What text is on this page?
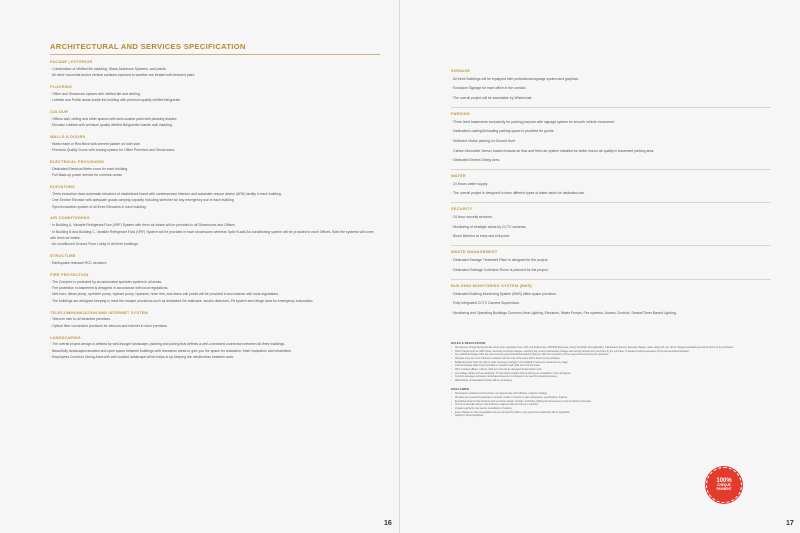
ARCHITECTURAL AND SERVICES SPECIFICATION
16	17
FACADE | EXTERIOR

· Combination of Vitrified tile cladding, Glass-Aluminum Systems, and paints.

· All other horizontal and/or vertical surfaces exposed to weather are treated with textured paint.

FLOORING

· Office and Showroom spaces with vitrified tile and skirting.

· Lobbies and Public areas inside the building with premium quality vitrified tile/granite

COLOUR

· Offices wall, ceiling and other spaces with skim-coated paint with pleasing shades

· Elevator Lobbies with premium quality vitrified tile/granite/ marble wall cladding.

WALLS & DOORS

· Walls made of Red Brick with cement plaster on both side.

· Premium Quality Doors with locking system for Office Premises and Showrooms.

ELECTRICAL PROVISIONS

· Dedicated Electrical Meter room for each building.

· Full Back-up power service for common areas

ELEVATORS

· Three executive class automatic elevators of established brand with contemporary interiors and automatic rescue device (ARD) facility in each building.

· One Service Elevator with adequate goods carrying capacity including stretcher for any emergency use in each building.

· Synchronization system of all three Elevators in each building.

AIR CONDITIONING

· In Building A, Variable Refrigerant Flow (VRF) System with fresh air intake will be provided in all Showrooms and Offices.

· In Building B and Building C, Variable Refrigerant Flow (VRF) System will be provided in each showrooms whereas Split Hi-wall Air-conditioning system will be provided in each Offices. Both the systems will come with fresh air intake.

· Air-conditioned Ground Floor Lobby in all three buildings.

STRUCTURE

· Earthquake resistant RCC structure.

FIRE PROTECTION

· The Complex is protected by an automated sprinkler system in all areas.

· Fire protection in basement is designed in accordance with local regulations.

· Wet-riser, diesel pump, sprinkler pump, hydrant pump, hydrants, hose reel, and alarm call points will be provided in accordance with local regulations.

· The buildings are designed keeping in mind fire escape provisions such as dedicated fire staircase, smoke detectors, PA system and refuge area for emergency evacuation.

TELECOMMUNICATION AND INTERNET SYSTEM

· Telecom riser to all tenanted premises.

· Optical fiber connection provision for telecom and internet in each premises.

LANDSCAPING

· The overall project design is defined by well-thought landscape, planting and paving that defines a well-connected connection between all three buildings.

· Beautifully landscaped arcades and open space between buildings with recreation areas to give you the space for relaxation, fresh inspiration and creativities.

· Employees Common Dining Area with well curated landscape which helps in up keeping the mindfulness between work.

SIGNAGE

· All three Buildings will be equipped with professional signage system and graphics.

· Exclusive Signage for each office in the corridor.

· The overall project will be accessible by Wheelchair.

PARKING

· Three level basements exclusively for parking purpose with signage system for smooth vehicle movement.

· Dedicated Loading/Unloading parking space is provided for goods.

· Sufficient Visitor parking on Ground level.

· Carbon Monoxide Sensor based exhaust air flow and fresh air system installed for better indoor air quality in basement parking area.

· Dedicated Drivers Dining Area.

WATER

· 24 Hours water supply.

· The overall project is designed to have different types of water tanks for dedicated use.

SECURITY

· 24 Hour security services.

· Monitoring of strategic areas by CCTV cameras.

· Boom Barriers at entry and exit point.

WASTE MANAGEMENT

· Dedicated Sewage Treatment Plant is designed for the project.

· Dedicated Garbage Collection Room is planned for the project.

BUILDING MONITORING SYSTEM (BMS)

· Dedicated Building Monitoring System (BMS) office space provision.

· Fully Integrated CCTV Camera Supervision.

· Monitoring and Operating Buildings Common Area Lighting, Elevators, Water Pumps, Fire systems, Access Controls, Sensor/Timer Based Lighting.

RULES & REGULATIONS

• All expenses of legal documents like stamp duty, registration fees, GST, sub-division fees, DSC/DM Expenses, society formation and registration, maintenance deposit, advocate charges, water supply, ET, etc. will be charged separately and will be borne by the purchaser.

• Other charges such as GMC Taxes, electrical connection charges, electricity bill, society maintenance charges and security deposit are to be borne by the purchaser. In advance before possession of the premises/documentation.

• Any additional charges if the tax rates levied by government/local authority during or after the completion of the project will be borne by the purchaser.

• Changes if any are to be informed in advance and the cost of the same will be borne by the purchaser.

• Builder/promoter holds the right to make necessary changes in the building if needed or required at any stage.

• Internal changes shall not be permitted on elevation wall, grills and common areas.

• RCC members (Beam, Column, Slab etc) must not be damaged during interior work.

• Low voltage cables such as telephone, TV and internet cables shall be laid as per consultant's norms and layout.

• Common passages and areas, landscaped areas are not allowed to be used for personal purposes.

• Maintenance of Association/ Society will be compulsory.

DISCLAIMER

• Dimensions mentioned in the brochure are approximate and indicative, subject to change.

• All rights are reserved by developer to amend, modify or improve in plan, dimensions, specifications, features.

• Everything shown in this brochure such as interior design, furniture, furnishing, lighting and accessories is only an artistic impression.

• The terms describe above in the brochure is approximate and can be in variance.

• Irregular payments may lead to cancellation of booking.

• Every changes in rules & regulations are as instructed by GMC or any government authorities will be applicable.

• Subject to Surat jurisdiction.

100%
CHEQUE
PAYMENT
